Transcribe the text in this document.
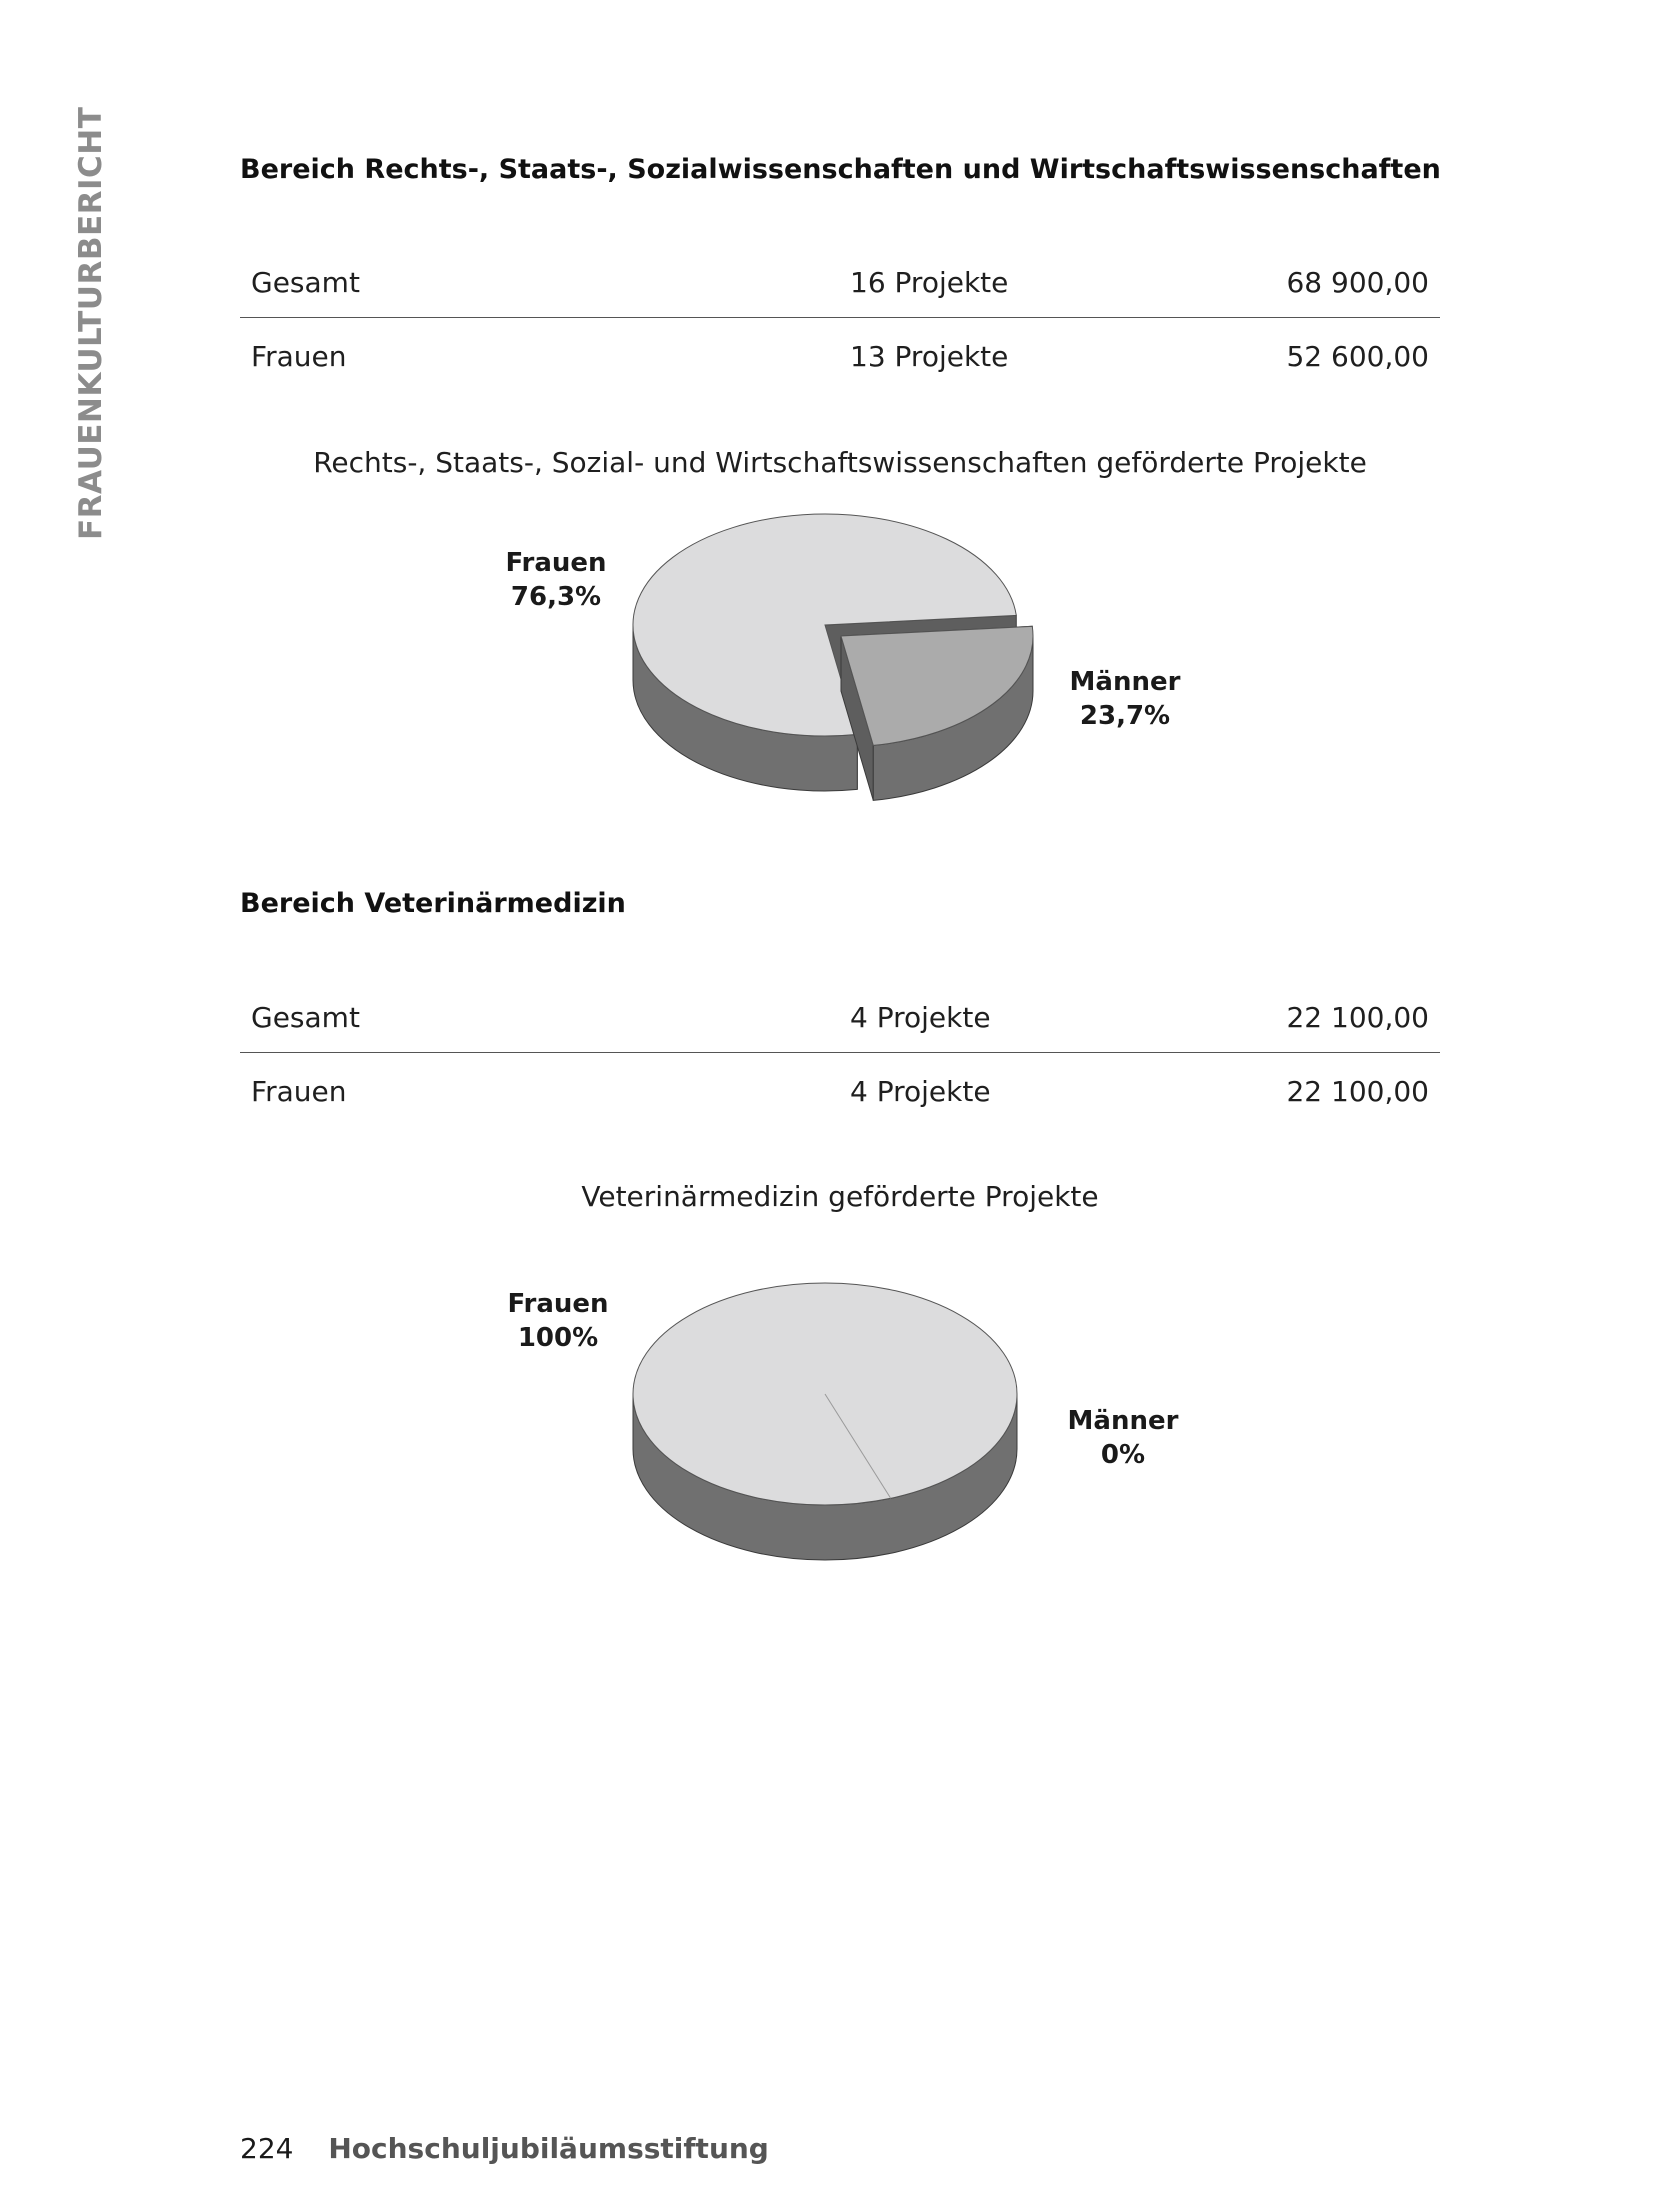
FRAUENKULTURBERICHT	Bereich Rechts-, Staats-, Sozialwissenschaften und Wirtschaftswissenschaften
Gesamt	16 Projekte	68 900,00
Frauen	13 Projekte	52 600,00
Rechts-, Staats-, Sozial- und Wirtschaftswissenschaften geförderte Projekte
Bereich Veterinärmedizin
Gesamt	4 Projekte	22 100,00
Frauen	4 Projekte	22 100,00
Veterinärmedizin geförderte Projekte
Frauen
76,3%
Männer
23,7%
Frauen
100%
Männer
0%
224 Hochschuljubiläumsstiftung
